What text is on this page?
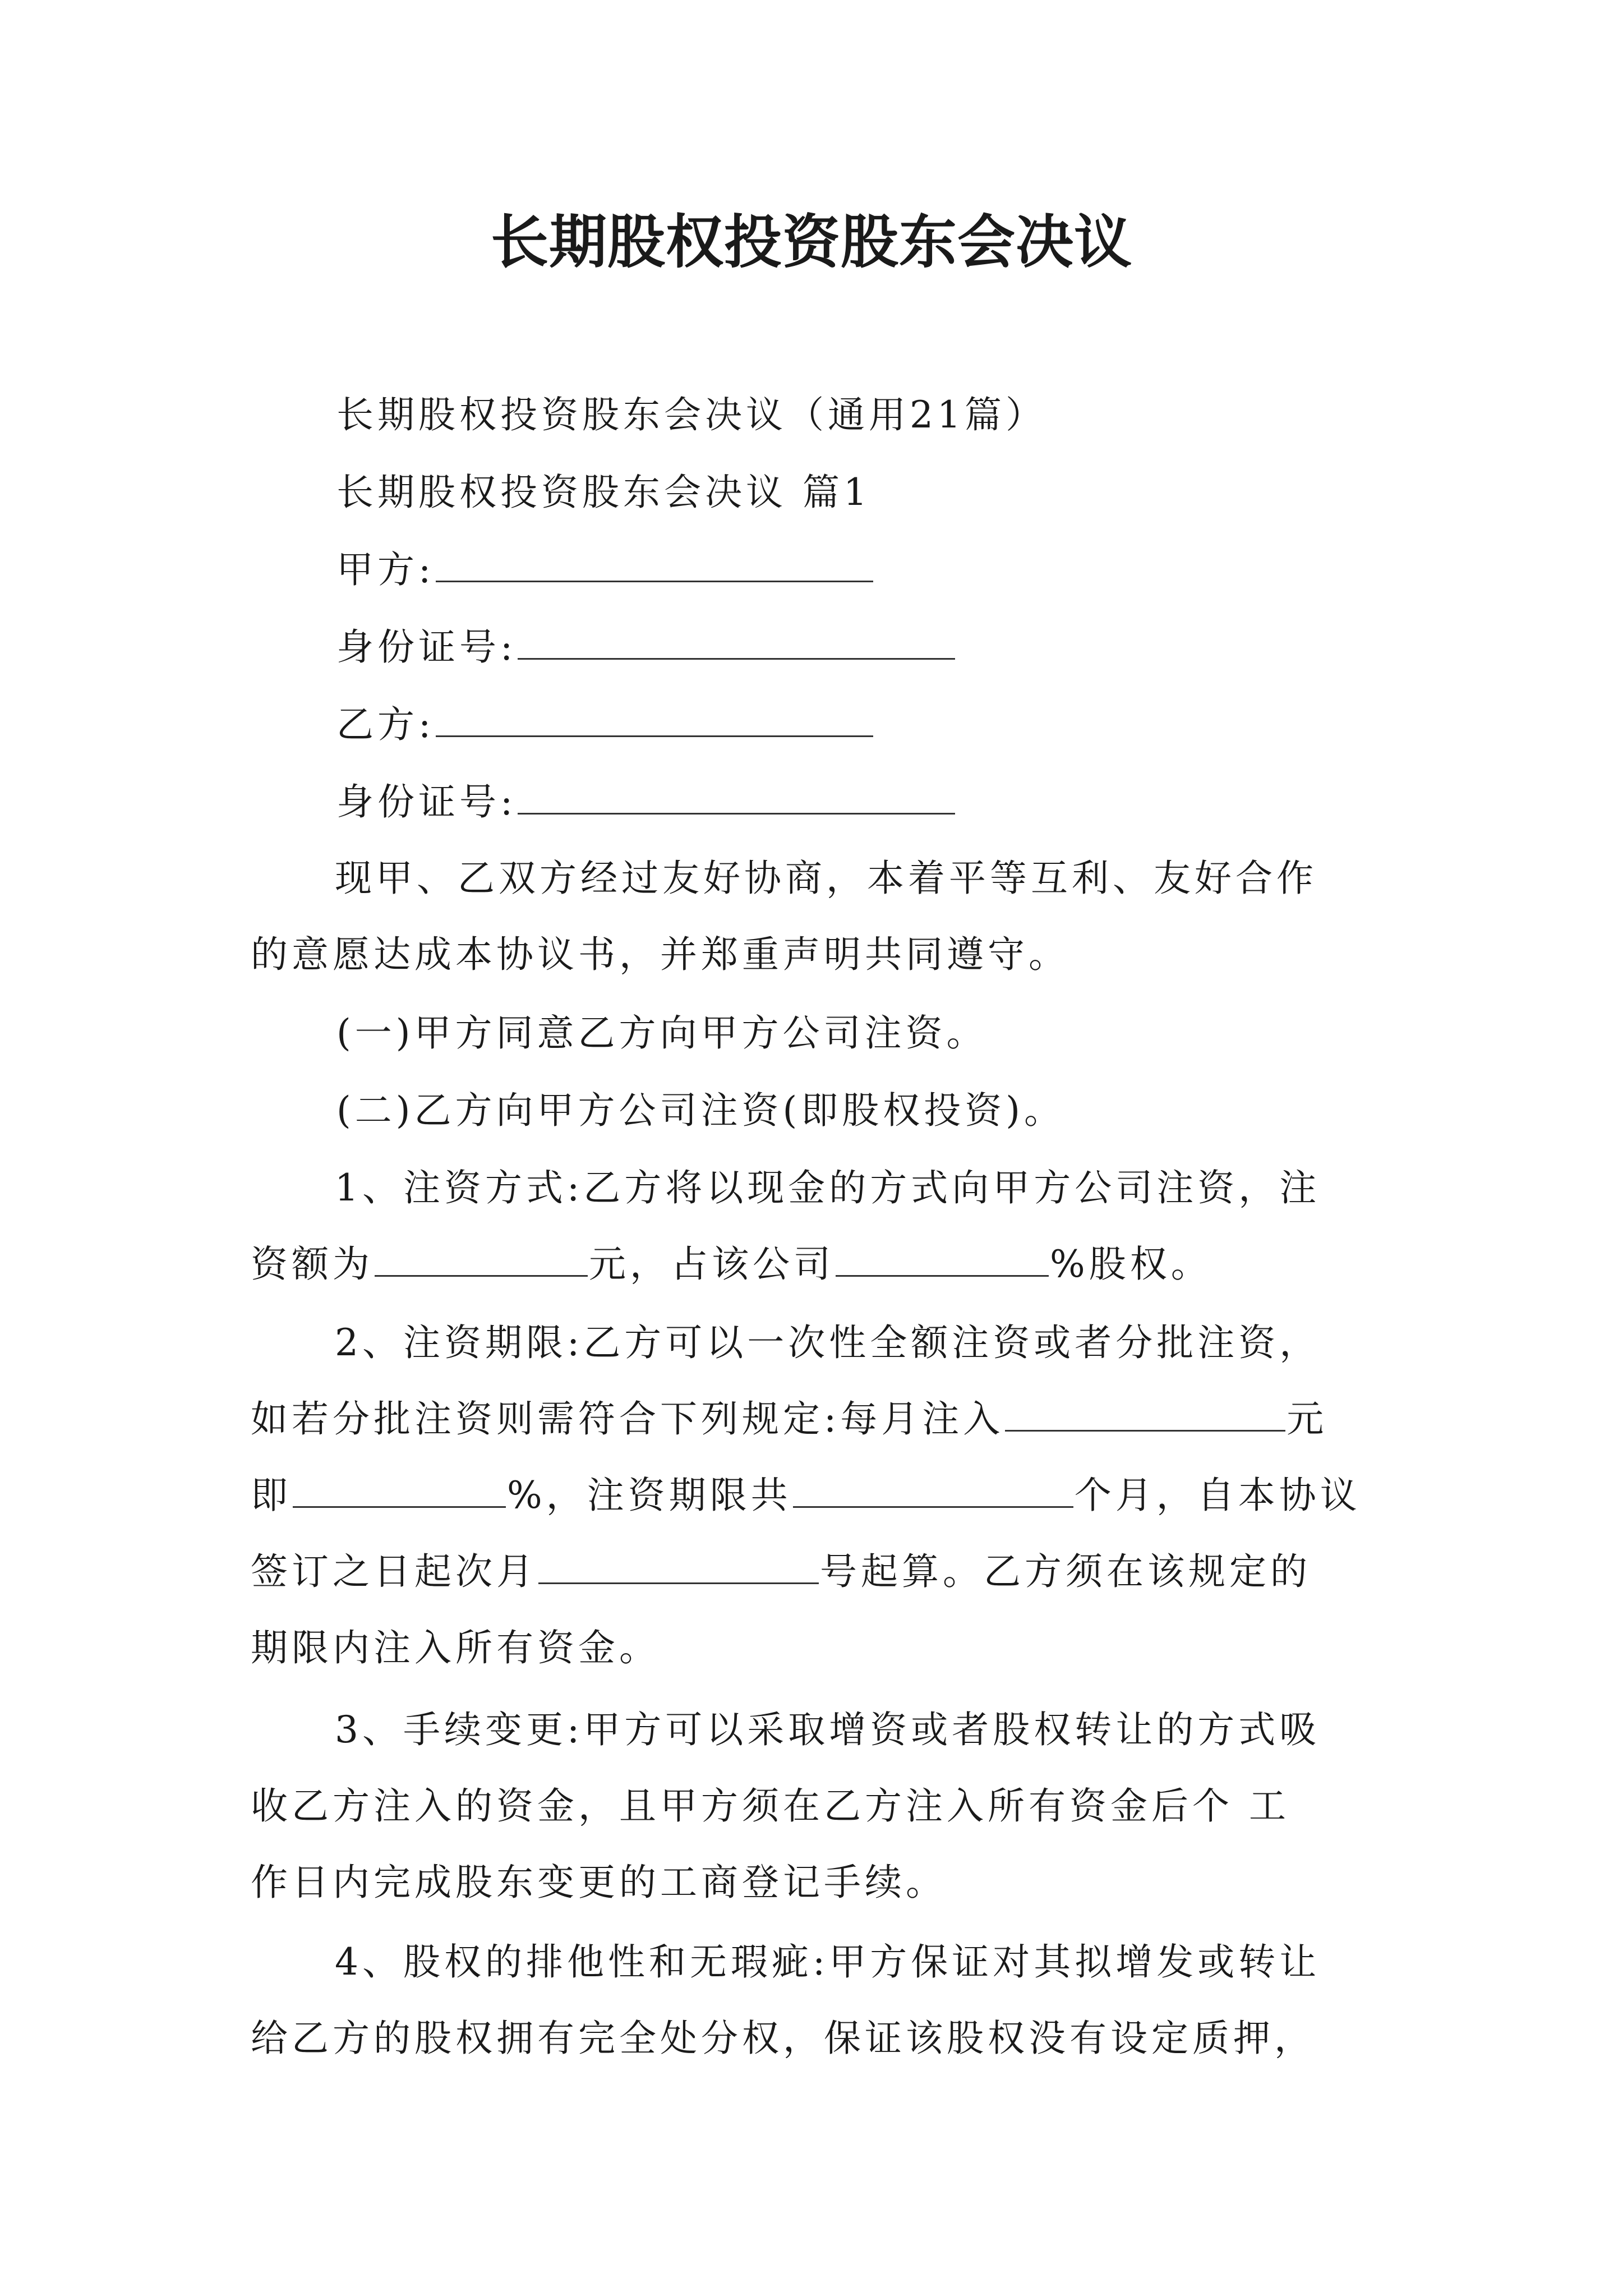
长期股权投资股东会决议

长期股权投资股东会决议（通用21篇）

长期股权投资股东会决议 篇1

甲方:

身份证号:

乙方:

身份证号:

现甲、乙双方经过友好协商，本着平等互利、友好合作
的意愿达成本协议书，并郑重声明共同遵守。

(一)甲方同意乙方向甲方公司注资。

(二)乙方向甲方公司注资(即股权投资)。

1、注资方式:乙方将以现金的方式向甲方公司注资，注
资额为	元，占该公司	%股权。
2、注资期限:乙方可以一次性全额注资或者分批注资，
如若分批注资则需符合下列规定:每月注入	元
即	%，注资期限共	个月，自本协议
签订之日起次月	号起算。乙方须在该规定的
期限内注入所有资金。
3、手续变更:甲方可以采取增资或者股权转让的方式吸
收乙方注入的资金，且甲方须在乙方注入所有资金后个 工
作日内完成股东变更的工商登记手续。
4、股权的排他性和无瑕疵:甲方保证对其拟增发或转让
给乙方的股权拥有完全处分权，保证该股权没有设定质押，
